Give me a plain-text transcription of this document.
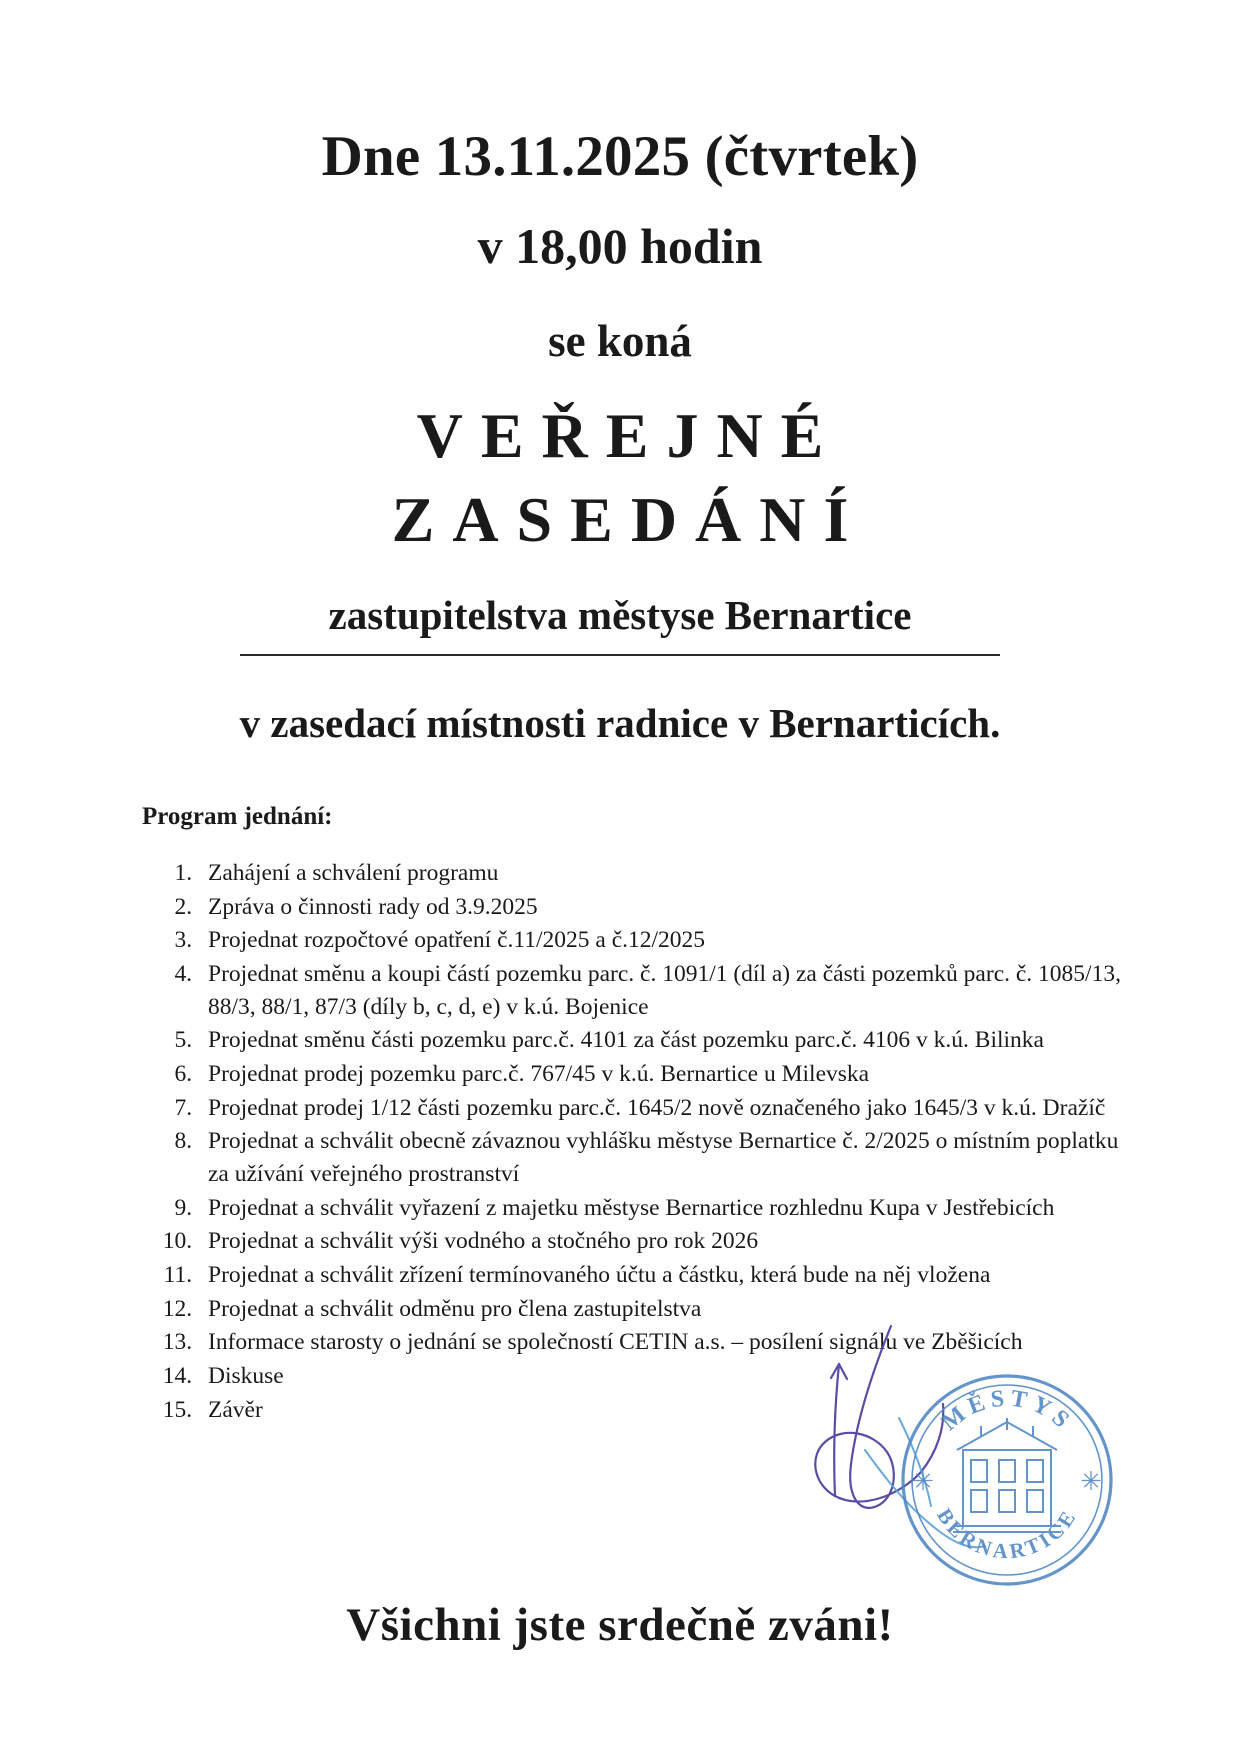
Dne 13.11.2025 (čtvrtek)
v 18,00 hodin
se koná
VEŘEJNÉ
ZASEDÁNÍ
zastupitelstva městyse Bernartice
v zasedací místnosti radnice v Bernarticích.
Program jednání:
1. Zahájení a schválení programu
2. Zpráva o činnosti rady od 3.9.2025
3. Projednat rozpočtové opatření č.11/2025 a č.12/2025
4. Projednat směnu a koupi částí pozemku parc. č. 1091/1 (díl a) za části pozemků parc. č. 1085/13, 88/3, 88/1, 87/3 (díly b, c, d, e) v k.ú. Bojenice
5. Projednat směnu části pozemku parc.č. 4101 za část pozemku parc.č. 4106 v k.ú. Bilinka
6. Projednat prodej pozemku parc.č. 767/45 v k.ú. Bernartice u Milevska
7. Projednat prodej 1/12 části pozemku parc.č. 1645/2 nově označeného jako 1645/3 v k.ú. Dražíč
8. Projednat a schválit obecně závaznou vyhlášku městyse Bernartice č. 2/2025 o místním poplatku za užívání veřejného prostranství
9. Projednat a schválit vyřazení z majetku městyse Bernartice rozhlednu Kupa v Jestřebicích
10. Projednat a schválit výši vodného a stočného pro rok 2026
11. Projednat a schválit zřízení termínovaného účtu a částku, která bude na něj vložena
12. Projednat a schválit odměnu pro člena zastupitelstva
13. Informace starosty o jednání se společností CETIN a.s. – posílení signálu ve Zběšicích
14. Diskuse
15. Závěr	MĚSTYS
BERNARTICE
✳	✳
Všichni jste srdečně zváni!
